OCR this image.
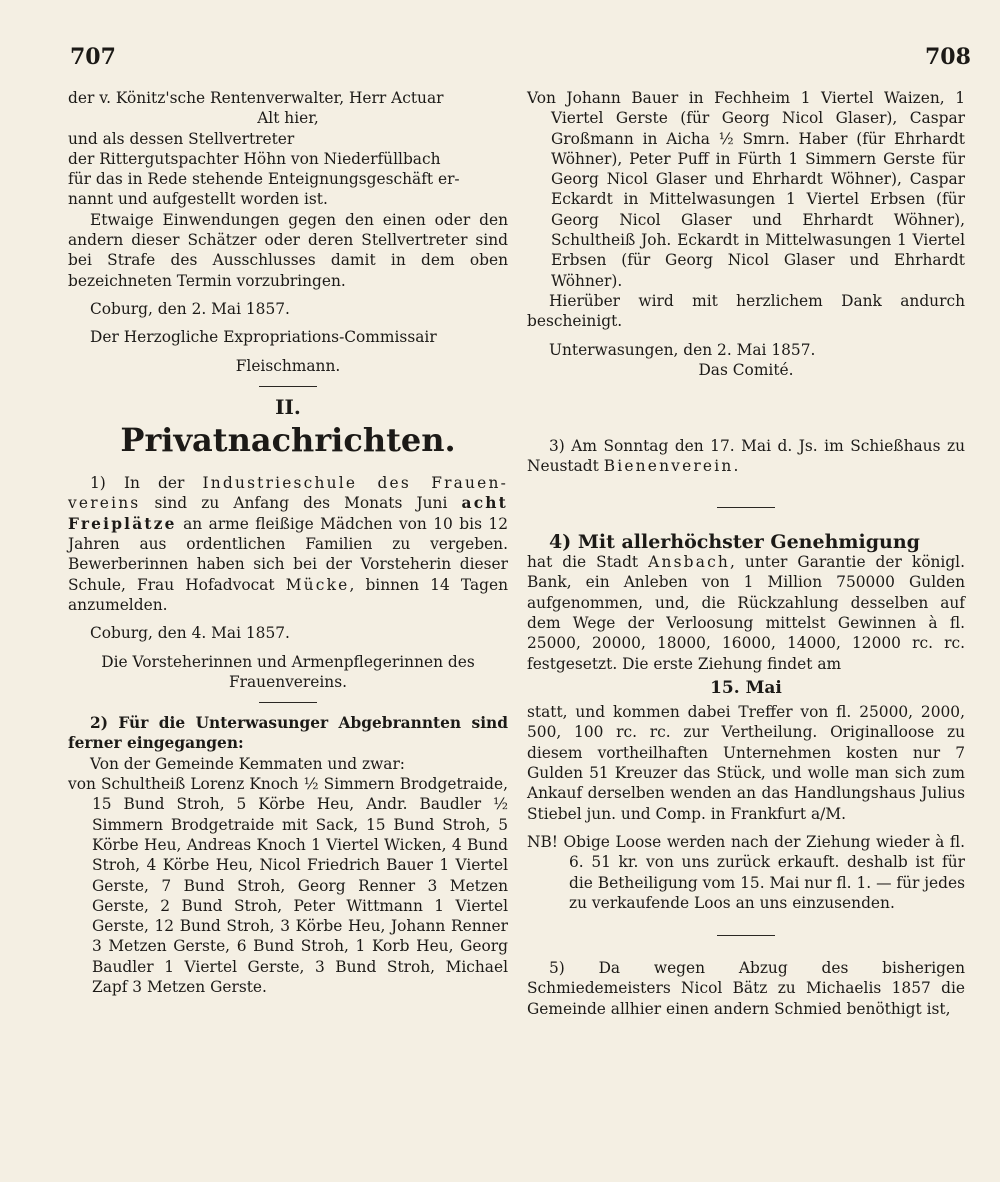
707	708

der v. Könitz'sche Rentenverwalter, Herr Actuar

Alt hier,

und als dessen Stellvertreter

der Rittergutspachter Höhn von Niederfüllbach

für das in Rede stehende Enteignungsgeschäft er-

nannt und aufgestellt worden ist.

Etwaige Einwendungen gegen den einen oder den andern dieser Schätzer oder deren Stellvertreter sind bei Strafe des Ausschlusses damit in dem oben bezeichneten Termin vorzubringen.

Coburg, den 2. Mai 1857.

Der Herzogliche Expropriations-Commissair

Fleischmann.

II.
Privatnachrichten.

1) In der Industrieschule des Frauen- vereins sind zu Anfang des Monats Juni acht Freiplätze an arme fleißige Mädchen von 10 bis 12 Jahren aus ordentlichen Familien zu vergeben. Bewerberinnen haben sich bei der Vorsteherin dieser Schule, Frau Hofadvocat Mücke, binnen 14 Tagen anzumelden.

Coburg, den 4. Mai 1857.

Die Vorsteherinnen und Armenpflegerinnen des Frauenvereins.

2) Für die Unterwasunger Abgebrannten sind ferner eingegangen:

Von der Gemeinde Kemmaten und zwar:

von Schultheiß Lorenz Knoch ½ Simmern Brodgetraide, 15 Bund Stroh, 5 Körbe Heu, Andr. Baudler ½ Simmern Brodgetraide mit Sack, 15 Bund Stroh, 5 Körbe Heu, Andreas Knoch 1 Viertel Wicken, 4 Bund Stroh, 4 Körbe Heu, Nicol Friedrich Bauer 1 Viertel Gerste, 7 Bund Stroh, Georg Renner 3 Metzen Gerste, 2 Bund Stroh, Peter Wittmann 1 Viertel Gerste, 12 Bund Stroh, 3 Körbe Heu, Johann Renner 3 Metzen Gerste, 6 Bund Stroh, 1 Korb Heu, Georg Baudler 1 Viertel Gerste, 3 Bund Stroh, Michael Zapf 3 Metzen Gerste.

Von Johann Bauer in Fechheim 1 Viertel Waizen, 1 Viertel Gerste (für Georg Nicol Glaser), Caspar Großmann in Aicha ½ Smrn. Haber (für Ehrhardt Wöhner), Peter Puff in Fürth 1 Simmern Gerste für Georg Nicol Glaser und Ehrhardt Wöhner), Caspar Eckardt in Mittelwasungen 1 Viertel Erbsen (für Georg Nicol Glaser und Ehrhardt Wöhner), Schultheiß Joh. Eckardt in Mittelwasungen 1 Viertel Erbsen (für Georg Nicol Glaser und Ehrhardt Wöhner).

Hierüber wird mit herzlichem Dank andurch bescheinigt.

Unterwasungen, den 2. Mai 1857.

Das Comité.

3) Am Sonntag den 17. Mai d. Js. im Schießhaus zu Neustadt Bienenverein.

4) Mit allerhöchster Genehmigung

hat die Stadt Ansbach, unter Garantie der königl. Bank, ein Anleben von 1 Million 750000 Gulden aufgenommen, und, die Rückzahlung desselben auf dem Wege der Verloosung mittelst Gewinnen à fl. 25000, 20000, 18000, 16000, 14000, 12000 rc. rc. festgesetzt. Die erste Ziehung findet am

15. Mai

statt, und kommen dabei Treffer von fl. 25000, 2000, 500, 100 rc. rc. zur Vertheilung. Originalloose zu diesem vortheilhaften Unternehmen kosten nur 7 Gulden 51 Kreuzer das Stück, und wolle man sich zum Ankauf derselben wenden an das Handlungshaus Julius Stiebel jun. und Comp. in Frankfurt a/M.

NB! Obige Loose werden nach der Ziehung wieder à fl. 6. 51 kr. von uns zurück erkauft. deshalb ist für die Betheiligung vom 15. Mai nur fl. 1. — für jedes zu verkaufende Loos an uns einzusenden.

5) Da wegen Abzug des bisherigen Schmiedemeisters Nicol Bätz zu Michaelis 1857 die Gemeinde allhier einen andern Schmied benöthigt ist,
